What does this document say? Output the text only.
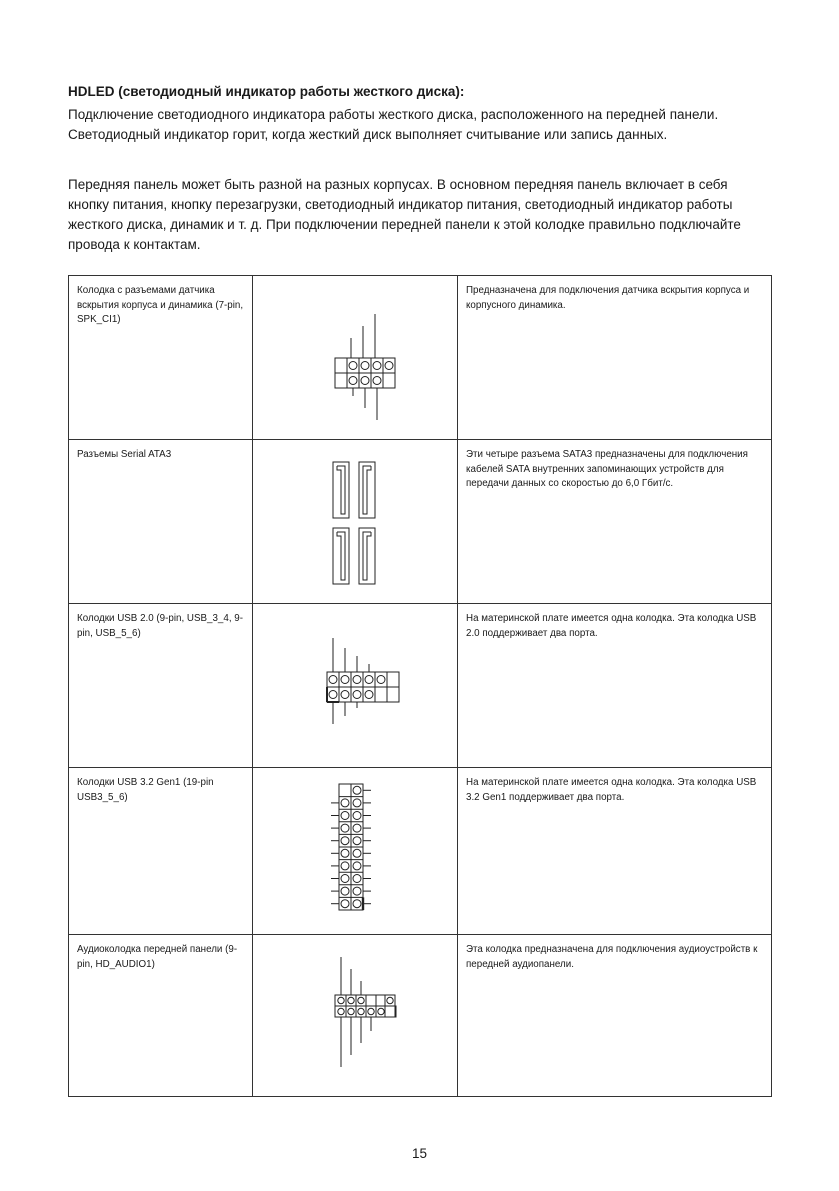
HDLED (светодиодный индикатор работы жесткого диска):

Подключение светодиодного индикатора работы жесткого диска, расположенного на передней панели. Светодиодный индикатор горит, когда жесткий диск выполняет считывание или запись данных.

Передняя панель может быть разной на разных корпусах. В основном передняя панель включает в себя кнопку питания, кнопку перезагрузки, светодиодный индикатор питания, светодиодный индикатор работы жесткого диска, динамик и т. д. При подключении передней панели к этой колодке правильно подключайте провода к контактам.

Колодка с разъемами датчика вскрытия корпуса и динамика (7-pin, SPK_CI1)		Предназначена для подключения датчика вскрытия корпуса и корпусного динамика.
Разъемы Serial ATA3		Эти четыре разъема SATA3 предназначены для подключения кабелей SATA внутренних запоминающих устройств для передачи данных со скоростью до 6,0 Гбит/с.
Колодки USB 2.0 (9-pin, USB_3_4, 9-pin, USB_5_6)		На материнской плате имеется одна колодка. Эта колодка USB 2.0 поддерживает два порта.
Колодки USB 3.2 Gen1 (19-pin USB3_5_6)		На материнской плате имеется одна колодка. Эта колодка USB 3.2 Gen1 поддерживает два порта.
Аудиоколодка передней панели (9-pin, HD_AUDIO1)		Эта колодка предназначена для подключения аудиоустройств к передней аудиопанели.
15
